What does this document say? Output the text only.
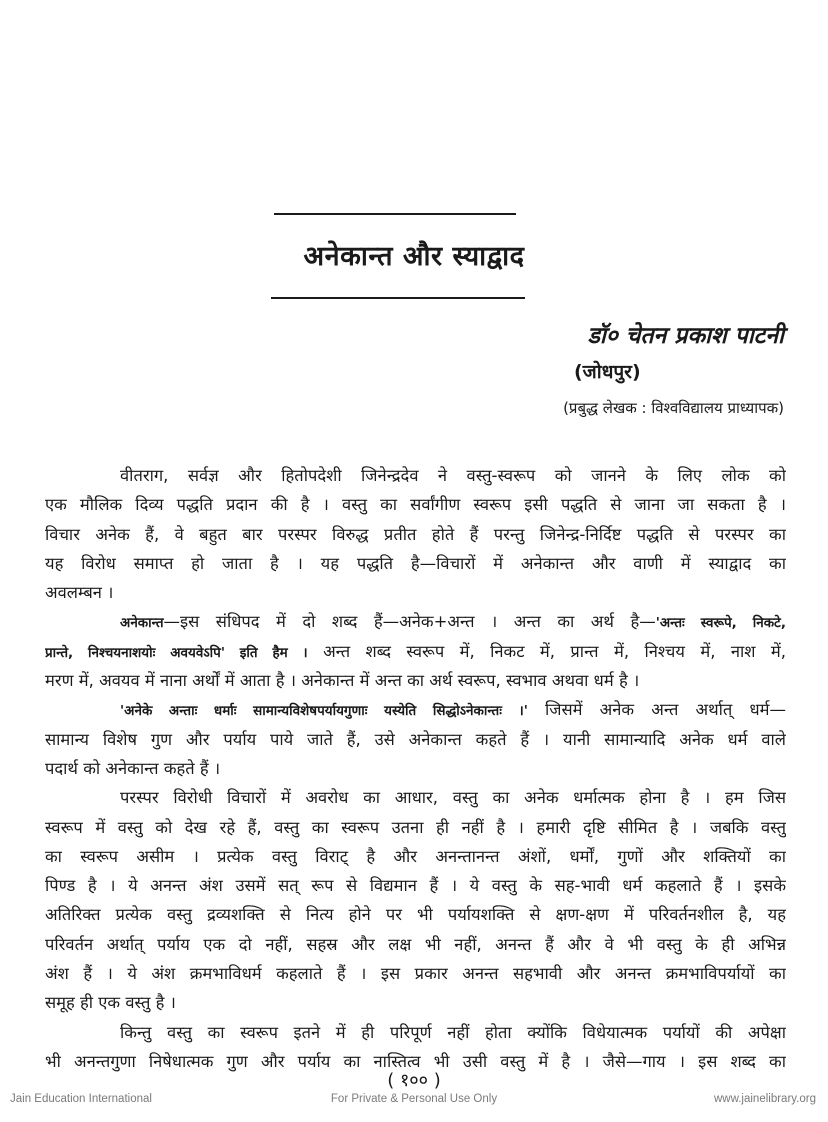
अनेकान्त और स्याद्वाद
डॉ० चेतन प्रकाश पाटनी
(जोधपुर)
(प्रबुद्ध लेखक : विश्वविद्यालय प्राध्यापक)
वीतराग, सर्वज्ञ और हितोपदेशी जिनेन्द्रदेव ने वस्तु-स्वरूप को जानने के लिए लोक को
एक मौलिक दिव्य पद्धति प्रदान की है । वस्तु का सर्वांगीण स्वरूप इसी पद्धति से जाना जा सकता है ।
विचार अनेक हैं, वे बहुत बार परस्पर विरुद्ध प्रतीत होते हैं परन्तु जिनेन्द्र-निर्दिष्ट पद्धति से परस्पर का
यह विरोध समाप्त हो जाता है । यह पद्धति है—विचारों में अनेकान्त और वाणी में स्याद्वाद का
अवलम्बन ।
अनेकान्त—इस संधिपद में दो शब्द हैं—अनेक+अन्त । अन्त का अर्थ है—'अन्तः स्वरूपे, निकटे,
प्रान्ते, निश्चयनाशयोः अवयवेऽपि' इति हैम । अन्त शब्द स्वरूप में, निकट में, प्रान्त में, निश्चय में, नाश में,
मरण में, अवयव में नाना अर्थों में आता है । अनेकान्त में अन्त का अर्थ स्वरूप, स्वभाव अथवा धर्म है ।
'अनेके अन्ताः धर्माः सामान्यविशेषपर्यायगुणाः यस्येति सिद्धोऽनेकान्तः ।' जिसमें अनेक अन्त अर्थात् धर्म—
सामान्य विशेष गुण और पर्याय पाये जाते हैं, उसे अनेकान्त कहते हैं । यानी सामान्यादि अनेक धर्म वाले
पदार्थ को अनेकान्त कहते हैं ।
परस्पर विरोधी विचारों में अवरोध का आधार, वस्तु का अनेक धर्मात्मक होना है । हम जिस
स्वरूप में वस्तु को देख रहे हैं, वस्तु का स्वरूप उतना ही नहीं है । हमारी दृष्टि सीमित है । जबकि वस्तु
का स्वरूप असीम । प्रत्येक वस्तु विराट् है और अनन्तानन्त अंशों, धर्मों, गुणों और शक्तियों का
पिण्ड है । ये अनन्त अंश उसमें सत् रूप से विद्यमान हैं । ये वस्तु के सह-भावी धर्म कहलाते हैं । इसके
अतिरिक्त प्रत्येक वस्तु द्रव्यशक्ति से नित्य होने पर भी पर्यायशक्ति से क्षण-क्षण में परिवर्तनशील है, यह
परिवर्तन अर्थात् पर्याय एक दो नहीं, सहस्र और लक्ष भी नहीं, अनन्त हैं और वे भी वस्तु के ही अभिन्न
अंश हैं । ये अंश क्रमभाविधर्म कहलाते हैं । इस प्रकार अनन्त सहभावी और अनन्त क्रमभाविपर्यायों का
समूह ही एक वस्तु है ।
किन्तु वस्तु का स्वरूप इतने में ही परिपूर्ण नहीं होता क्योंकि विधेयात्मक पर्यायों की अपेक्षा
भी अनन्तगुणा निषेधात्मक गुण और पर्याय का नास्तित्व भी उसी वस्तु में है । जैसे—गाय । इस शब्द का
( १०० )
Jain Education International	For Private & Personal Use Only	www.jainelibrary.org
